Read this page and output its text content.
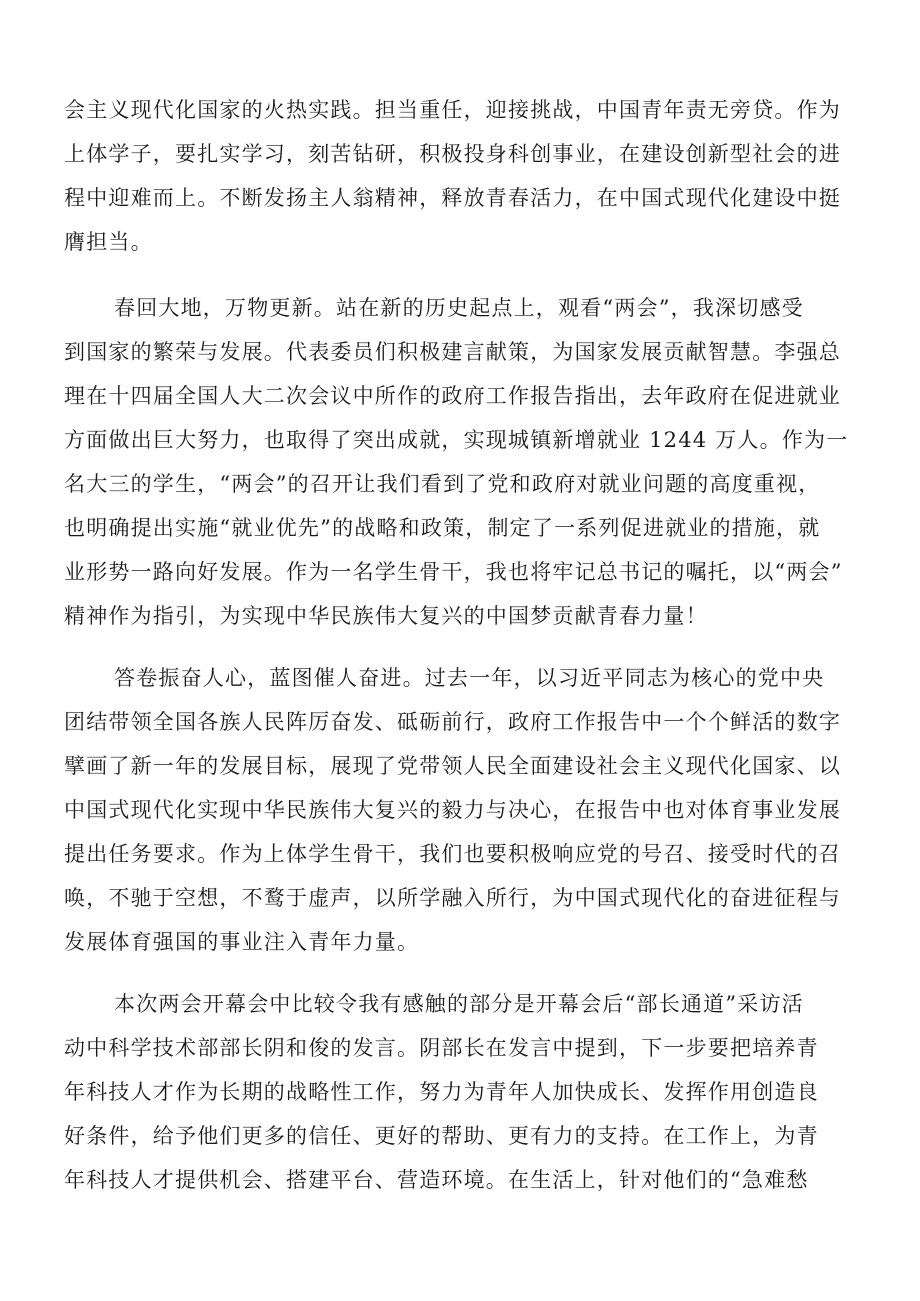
会主义现代化国家的火热实践。担当重任，迎接挑战，中国青年责无旁贷。作为
上体学子，要扎实学习，刻苦钻研，积极投身科创事业，在建设创新型社会的进
程中迎难而上。不断发扬主人翁精神，释放青春活力，在中国式现代化建设中挺
膺担当。
春回大地，万物更新。站在新的历史起点上，观看“两会”，我深切感受
到国家的繁荣与发展。代表委员们积极建言献策，为国家发展贡献智慧。李强总
理在十四届全国人大二次会议中所作的政府工作报告指出，去年政府在促进就业
方面做出巨大努力，也取得了突出成就，实现城镇新增就业 1244 万人。作为一
名大三的学生，“两会”的召开让我们看到了党和政府对就业问题的高度重视，
也明确提出实施“就业优先”的战略和政策，制定了一系列促进就业的措施，就
业形势一路向好发展。作为一名学生骨干，我也将牢记总书记的嘱托，以“两会”
精神作为指引，为实现中华民族伟大复兴的中国梦贡献青春力量！
答卷振奋人心，蓝图催人奋进。过去一年，以习近平同志为核心的党中央
团结带领全国各族人民阵厉奋发、砥砺前行，政府工作报告中一个个鲜活的数字
擘画了新一年的发展目标，展现了党带领人民全面建设社会主义现代化国家、以
中国式现代化实现中华民族伟大复兴的毅力与决心，在报告中也对体育事业发展
提出任务要求。作为上体学生骨干，我们也要积极响应党的号召、接受时代的召
唤，不驰于空想，不鹜于虚声，以所学融入所行，为中国式现代化的奋进征程与
发展体育强国的事业注入青年力量。
本次两会开幕会中比较令我有感触的部分是开幕会后“部长通道”采访活
动中科学技术部部长阴和俊的发言。阴部长在发言中提到，下一步要把培养青
年科技人才作为长期的战略性工作，努力为青年人加快成长、发挥作用创造良
好条件，给予他们更多的信任、更好的帮助、更有力的支持。在工作上，为青
年科技人才提供机会、搭建平台、营造环境。在生活上，针对他们的“急难愁
